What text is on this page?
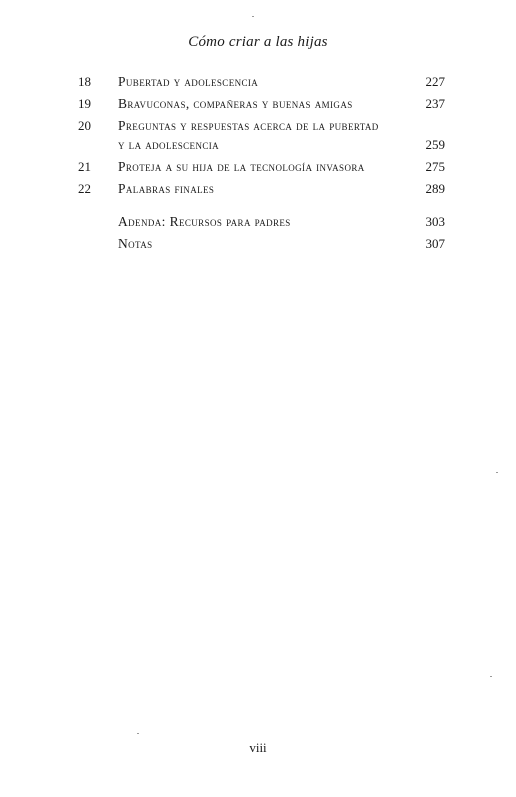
Cómo criar a las hijas
18	Pubertad y adolescencia	227
19	Bravuconas, compañeras y buenas amigas	237
20	Preguntas y respuestas acerca de la pubertad
y la adolescencia	259
21	Proteja a su hija de la tecnología invasora	275
22	Palabras finales	289
Adenda: Recursos para padres	303
Notas	307
viii
